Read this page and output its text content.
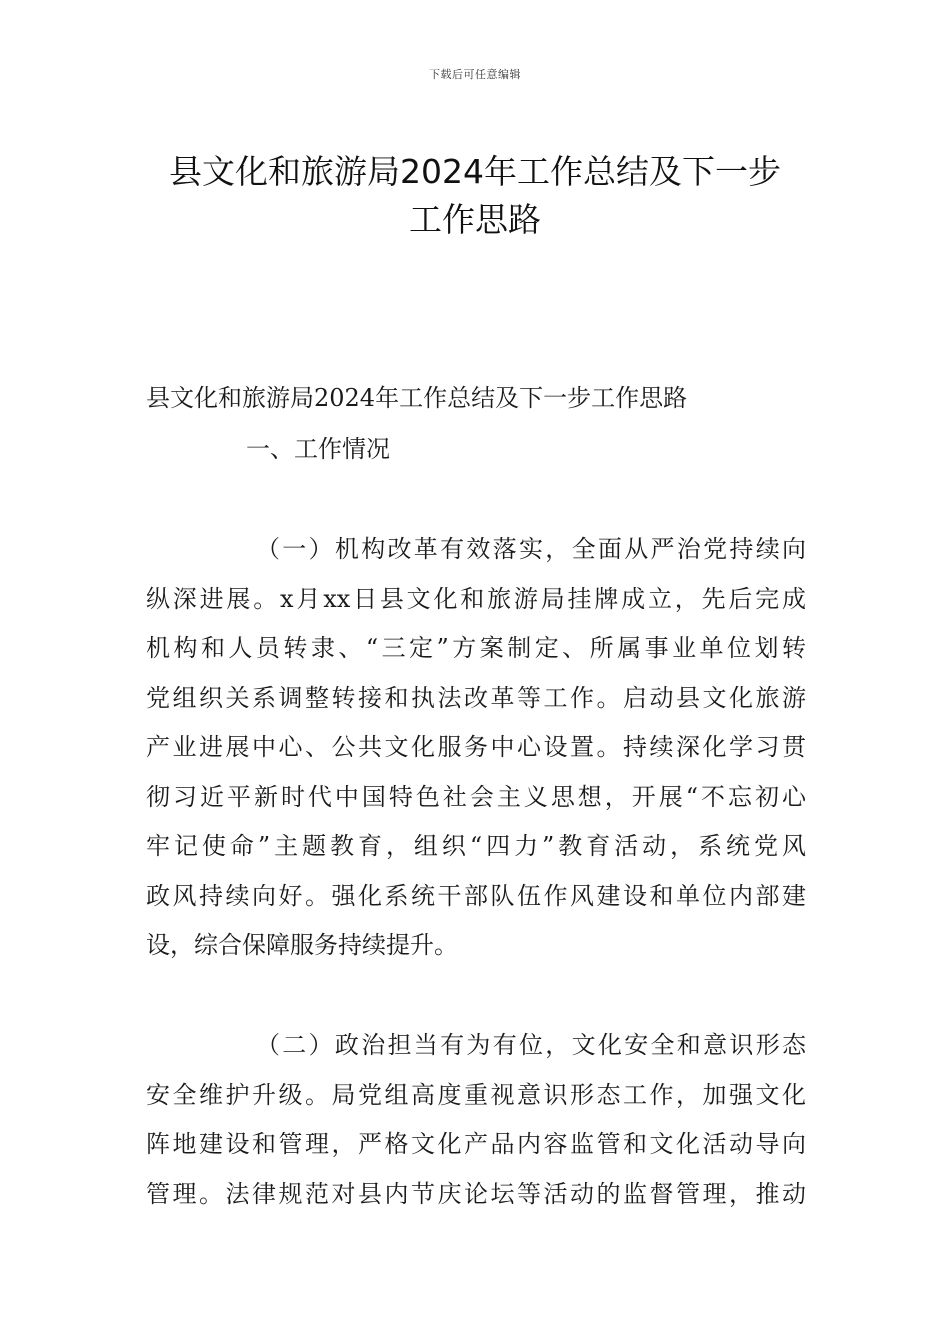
下载后可任意编辑
县文化和旅游局2024年工作总结及下一步
工作思路
县文化和旅游局2024年工作总结及下一步工作思路
一、工作情况
（一）机构改革有效落实，全面从严治党持续向
纵深进展。x月xx日县文化和旅游局挂牌成立，先后完成
机构和人员转隶、“三定”方案制定、所属事业单位划转
党组织关系调整转接和执法改革等工作。启动县文化旅游
产业进展中心、公共文化服务中心设置。持续深化学习贯
彻习近平新时代中国特色社会主义思想，开展“不忘初心
牢记使命”主题教育，组织“四力”教育活动，系统党风
政风持续向好。强化系统干部队伍作风建设和单位内部建
设，综合保障服务持续提升。
（二）政治担当有为有位，文化安全和意识形态
安全维护升级。局党组高度重视意识形态工作，加强文化
阵地建设和管理，严格文化产品内容监管和文化活动导向
管理。法律规范对县内节庆论坛等活动的监督管理，推动
